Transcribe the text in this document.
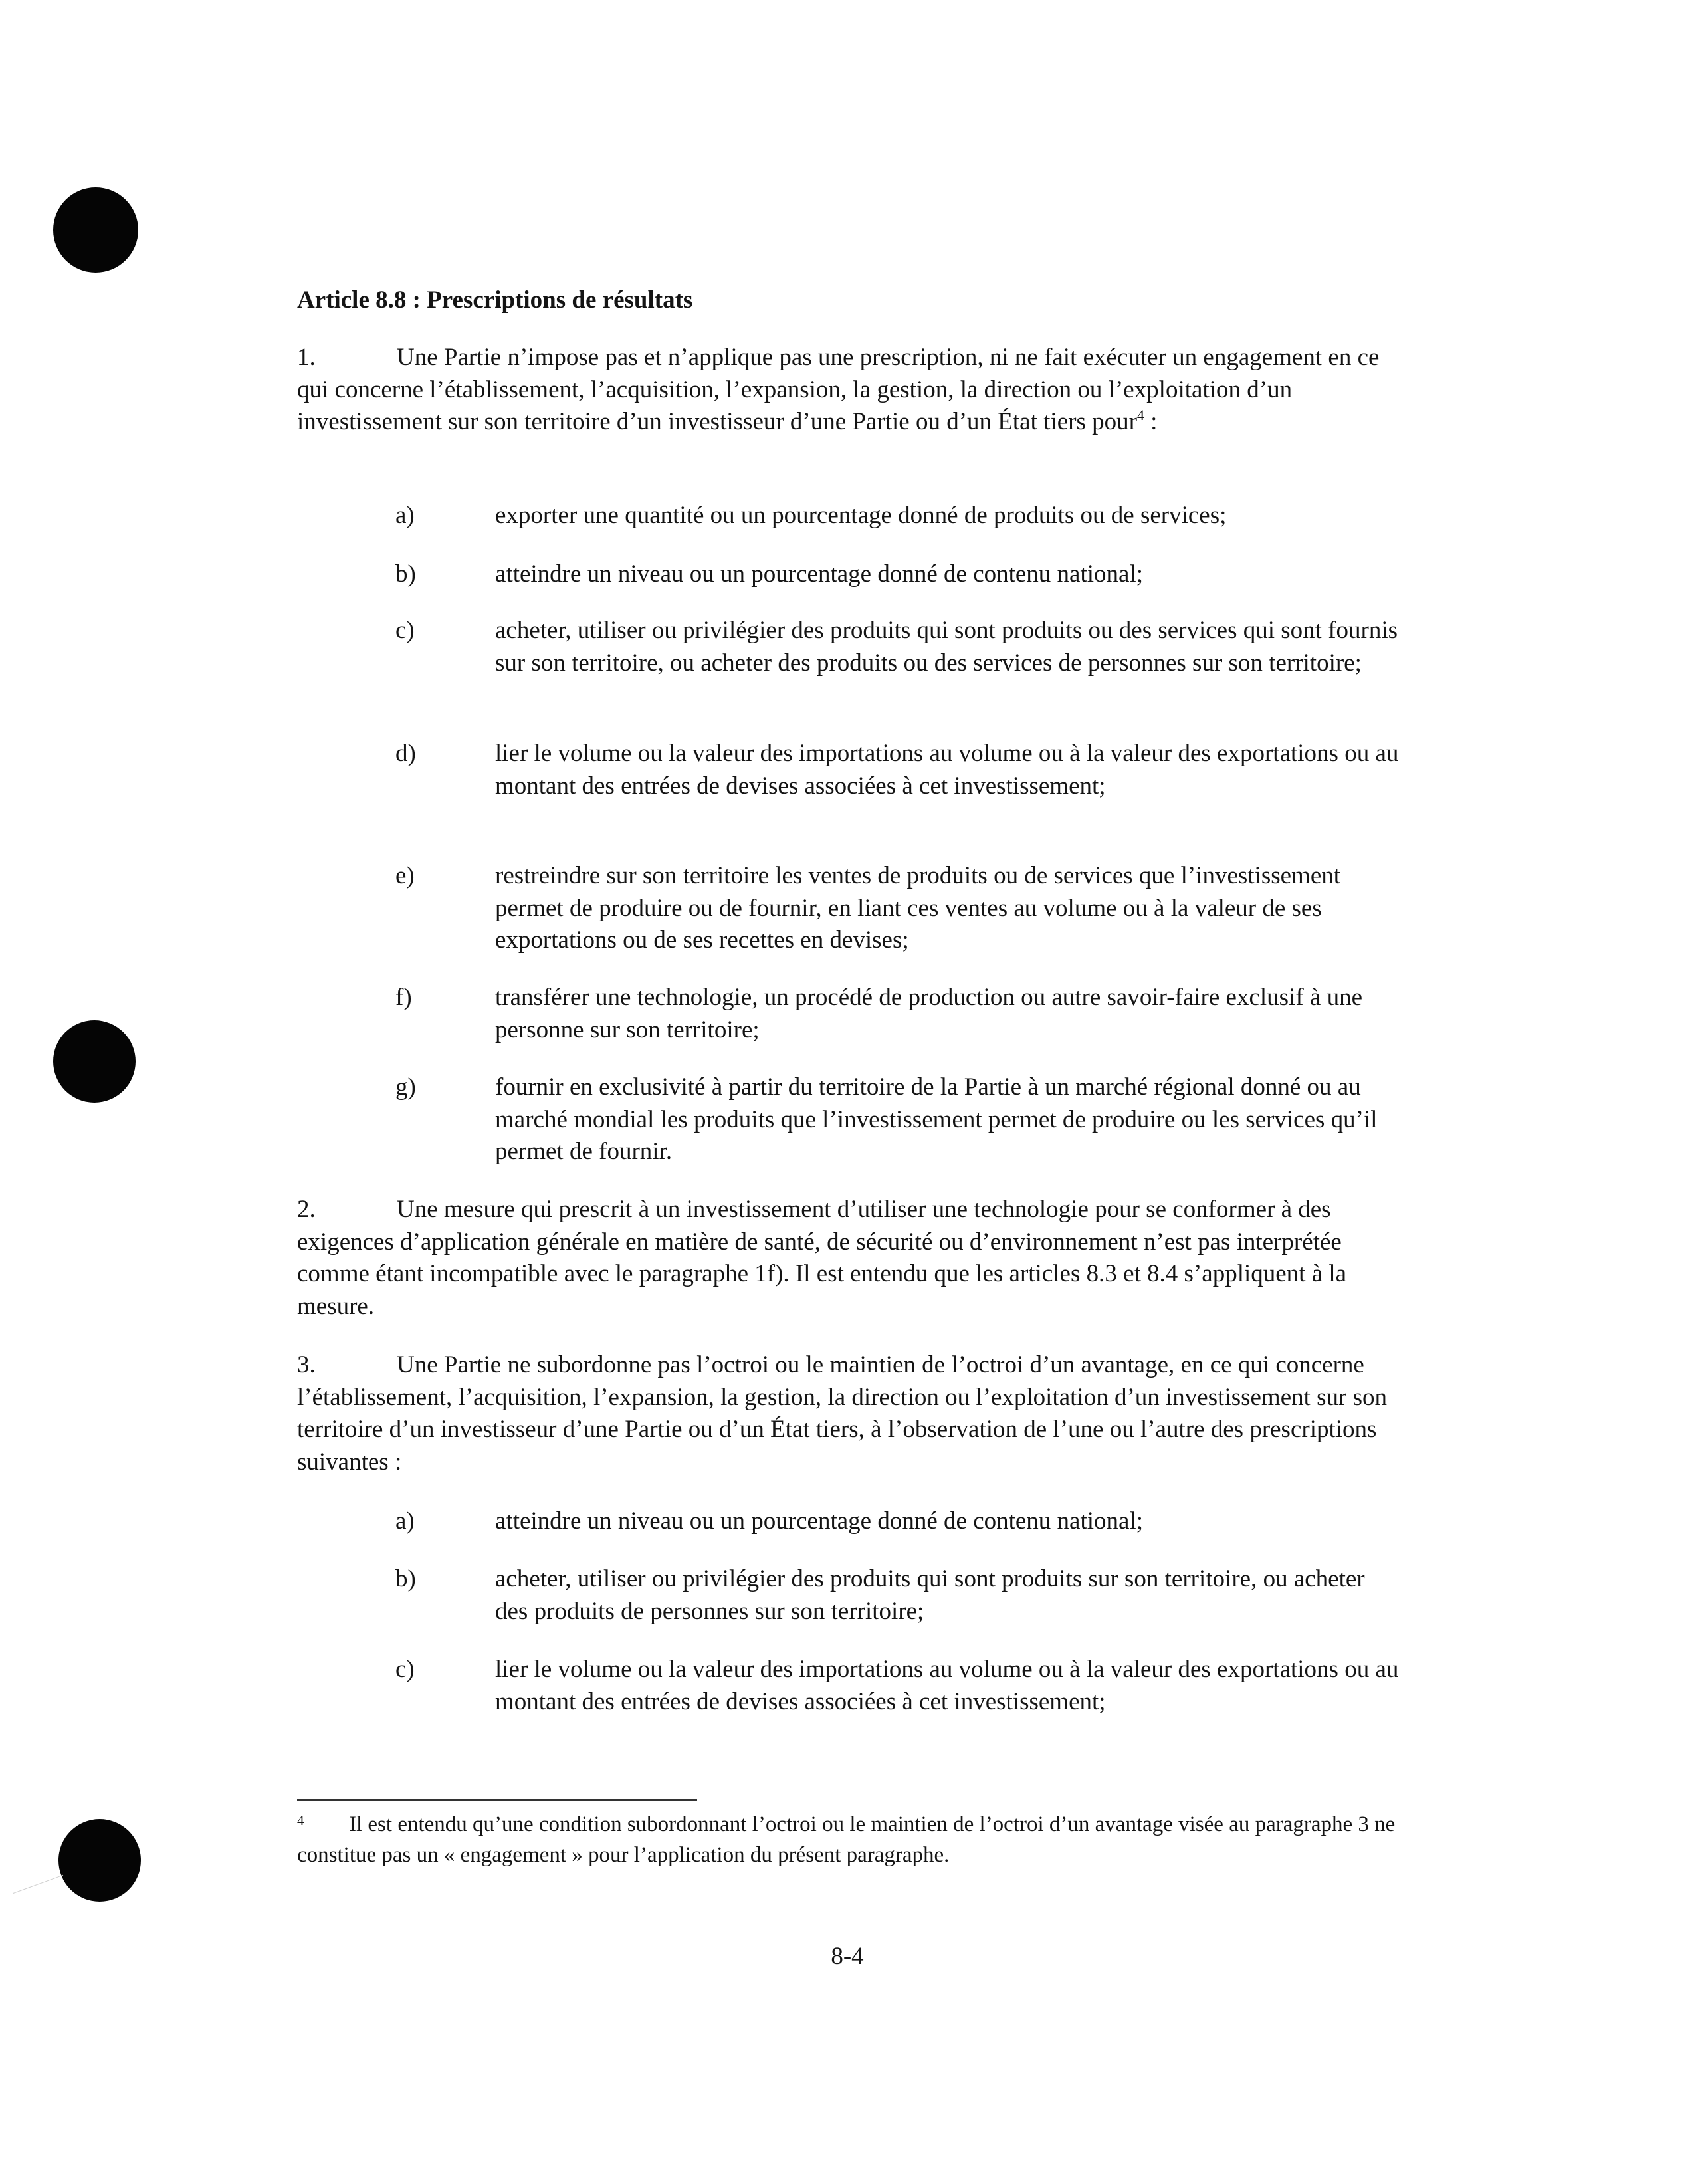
Article 8.8 : Prescriptions de résultats
1.	Une Partie n’impose pas et n’applique pas une prescription, ni ne fait exécuter un engagement en ce qui concerne l’établissement, l’acquisition, l’expansion, la gestion, la direction ou l’exploitation d’un investissement sur son territoire d’un investisseur d’une Partie ou d’un État tiers pour$^4$ :
a)	exporter une quantité ou un pourcentage donné de produits ou de services;
b)	atteindre un niveau ou un pourcentage donné de contenu national;
c)	acheter, utiliser ou privilégier des produits qui sont produits ou des services qui sont fournis sur son territoire, ou acheter des produits ou des services de personnes sur son territoire;
d)	lier le volume ou la valeur des importations au volume ou à la valeur des exportations ou au montant des entrées de devises associées à cet investissement;
e)	restreindre sur son territoire les ventes de produits ou de services que l’investissement permet de produire ou de fournir, en liant ces ventes au volume ou à la valeur de ses exportations ou de ses recettes en devises;
f)	transférer une technologie, un procédé de production ou autre savoir-faire exclusif à une personne sur son territoire;
g)	fournir en exclusivité à partir du territoire de la Partie à un marché régional donné ou au marché mondial les produits que l’investissement permet de produire ou les services qu’il permet de fournir.
2.	Une mesure qui prescrit à un investissement d’utiliser une technologie pour se conformer à des exigences d’application générale en matière de santé, de sécurité ou d’environnement n’est pas interprétée comme étant incompatible avec le paragraphe 1f). Il est entendu que les articles 8.3 et 8.4 s’appliquent à la mesure.
3.	Une Partie ne subordonne pas l’octroi ou le maintien de l’octroi d’un avantage, en ce qui concerne l’établissement, l’acquisition, l’expansion, la gestion, la direction ou l’exploitation d’un investissement sur son territoire d’un investisseur d’une Partie ou d’un État tiers, à l’observation de l’une ou l’autre des prescriptions suivantes :
a)	atteindre un niveau ou un pourcentage donné de contenu national;
b)	acheter, utiliser ou privilégier des produits qui sont produits sur son territoire, ou acheter des produits de personnes sur son territoire;
c)	lier le volume ou la valeur des importations au volume ou à la valeur des exportations ou au montant des entrées de devises associées à cet investissement;
4	Il est entendu qu’une condition subordonnant l’octroi ou le maintien de l’octroi d’un avantage visée au paragraphe 3 ne constitue pas un « engagement » pour l’application du présent paragraphe.
8-4
